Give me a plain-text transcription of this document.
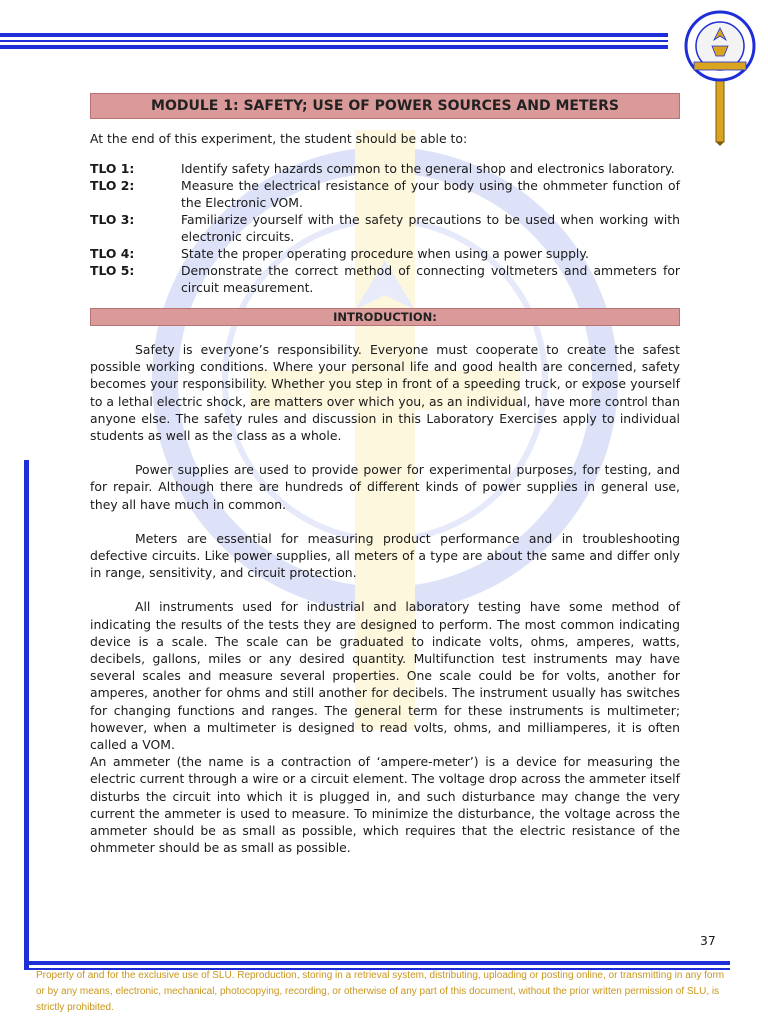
MODULE 1: SAFETY; USE OF POWER SOURCES AND METERS
At the end of this experiment, the student should be able to:
TLO 1:	Identify safety hazards common to the general shop and electronics laboratory.
TLO 2:	Measure the electrical resistance of your body using the ohmmeter function of the Electronic VOM.
TLO 3:	Familiarize yourself with the safety precautions to be used when working with electronic circuits.
TLO 4:	State the proper operating procedure when using a power supply.
TLO 5:	Demonstrate the correct method of connecting voltmeters and ammeters for circuit measurement.
INTRODUCTION:

Safety is everyone’s responsibility. Everyone must cooperate to create the safest possible working conditions. Where your personal life and good health are concerned, safety becomes your responsibility. Whether you step in front of a speeding truck, or expose yourself to a lethal electric shock, are matters over which you, as an individual, have more control than anyone else. The safety rules and discussion in this Laboratory Exercises apply to individual students as well as the class as a whole.

Power supplies are used to provide power for experimental purposes, for testing, and for repair. Although there are hundreds of different kinds of power supplies in general use, they all have much in common.

Meters are essential for measuring product performance and in troubleshooting defective circuits. Like power supplies, all meters of a type are about the same and differ only in range, sensitivity, and circuit protection.

All instruments used for industrial and laboratory testing have some method of indicating the results of the tests they are designed to perform. The most common indicating device is a scale. The scale can be graduated to indicate volts, ohms, amperes, watts, decibels, gallons, miles or any desired quantity. Multifunction test instruments may have several scales and measure several properties. One scale could be for volts, another for amperes, another for ohms and still another for decibels. The instrument usually has switches for changing functions and ranges. The general term for these instruments is multimeter; however, when a multimeter is designed to read volts, ohms, and milliamperes, it is often called a VOM.

An ammeter (the name is a contraction of ‘ampere-meter’) is a device for measuring the electric current through a wire or a circuit element. The voltage drop across the ammeter itself disturbs the circuit into which it is plugged in, and such disturbance may change the very current the ammeter is used to measure. To minimize the disturbance, the voltage across the ammeter should be as small as possible, which requires that the electric resistance of the ohmmeter should be as small as possible.

37
Property of and for the exclusive use of SLU. Reproduction, storing in a retrieval system, distributing, uploading or posting online, or transmitting in any form or by any means, electronic, mechanical, photocopying, recording, or otherwise of any part of this document, without the prior written permission of SLU, is strictly prohibited.
